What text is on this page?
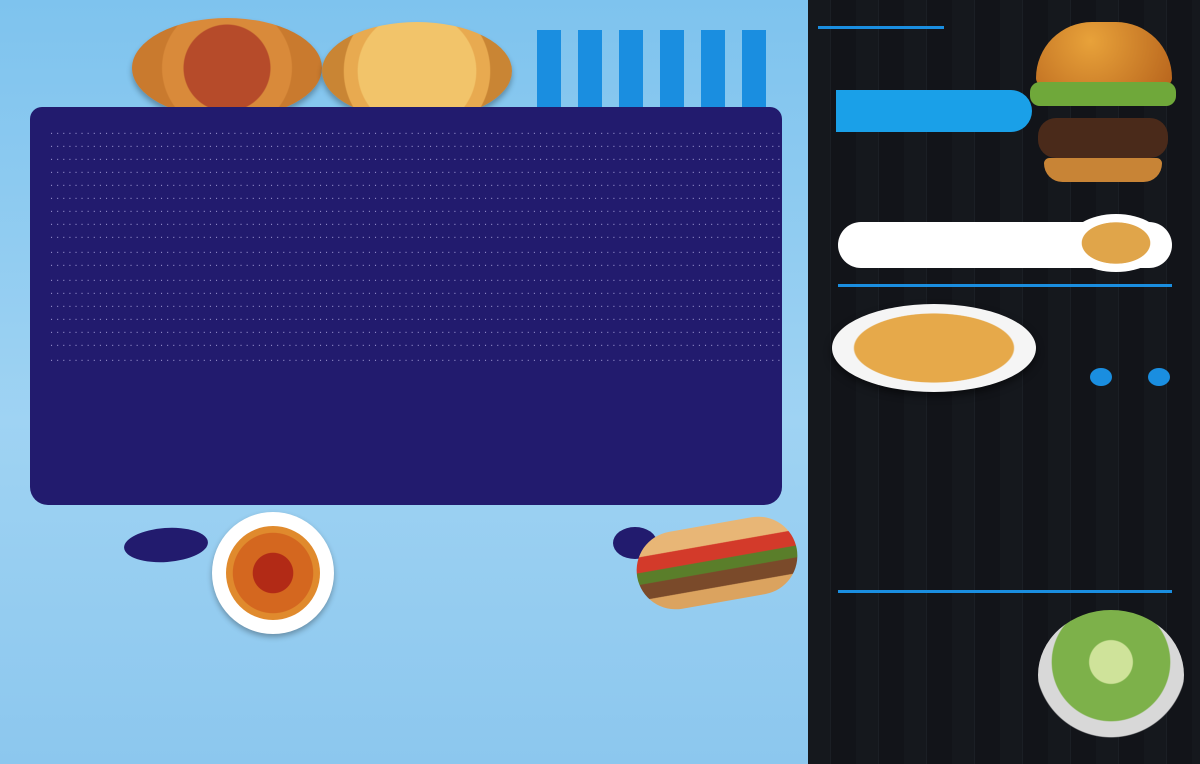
. . . . . . . . . . . . . . . . . . . . . . . . . . . . . . . . . . . . . . . . . . . . . . . . . . . . . . . . . . . . . . . . . . . . . . . . . . . . . . . . . . . . . . . . . . . . . . . . . . . . . . . . . . . . . . . . . . . . . . . .
. . . . . . . . . . . . . . . . . . . . . . . . . . . . . . . . . . . . . . . . . . . . . . . . . . . . . . . . . . . . . . . . . . . . . . . . . . . . . . . . . . . . . . . . . . . . . . . . . . . . . . . . . . . . . . . . . . . . . . . .
. . . . . . . . . . . . . . . . . . . . . . . . . . . . . . . . . . . . . . . . . . . . . . . . . . . . . . . . . . . . . . . . . . . . . . . . . . . . . . . . . . . . . . . . . . . . . . . . . . . . . . . . . . . . . . . . . . . . . . . .
. . . . . . . . . . . . . . . . . . . . . . . . . . . . . . . . . . . . . . . . . . . . . . . . . . . . . . . . . . . . . . . . . . . . . . . . . . . . . . . . . . . . . . . . . . . . . . . . . . . . . . . . . . . . . . . . . . . . . . . .
. . . . . . . . . . . . . . . . . . . . . . . . . . . . . . . . . . . . . . . . . . . . . . . . . . . . . . . . . . . . . . . . . . . . . . . . . . . . . . . . . . . . . . . . . . . . . . . . . . . . . . . . . . . . . . . . . . . . . . . .
. . . . . . . . . . . . . . . . . . . . . . . . . . . . . . . . . . . . . . . . . . . . . . . . . . . . . . . . . . . . . . . . . . . . . . . . . . . . . . . . . . . . . . . . . . . . . . . . . . . . . . . . . . . . . . . . . . . . . . . .
. . . . . . . . . . . . . . . . . . . . . . . . . . . . . . . . . . . . . . . . . . . . . . . . . . . . . . . . . . . . . . . . . . . . . . . . . . . . . . . . . . . . . . . . . . . . . . . . . . . . . . . . . . . . . . . . . . . . . . . .
. . . . . . . . . . . . . . . . . . . . . . . . . . . . . . . . . . . . . . . . . . . . . . . . . . . . . . . . . . . . . . . . . . . . . . . . . . . . . . . . . . . . . . . . . . . . . . . . . . . . . . . . . . . . . . . . . . . . . . . .
. . . . . . . . . . . . . . . . . . . . . . . . . . . . . . . . . . . . . . . . . . . . . . . . . . . . . . . . . . . . . . . . . . . . . . . . . . . . . . . . . . . . . . . . . . . . . . . . . . . . . . . . . . . . . . . . . . . . . . . .
. . . . . . . . . . . . . . . . . . . . . . . . . . . . . . . . . . . . . . . . . . . . . . . . . . . . . . . . . . . . . . . . . . . . . . . . . . . . . . . . . . . . . . . . . . . . . . . . . . . . . . . . . . . . . . . . . . . . . . . .
. . . . . . . . . . . . . . . . . . . . . . . . . . . . . . . . . . . . . . . . . . . . . . . . . . . . . . . . . . . . . . . . . . . . . . . . . . . . . . . . . . . . . . . . . . . . . . . . . . . . . . . . . . . . . . . . . . . . . . . .
. . . . . . . . . . . . . . . . . . . . . . . . . . . . . . . . . . . . . . . . . . . . . . . . . . . . . . . . . . . . . . . . . . . . . . . . . . . . . . . . . . . . . . . . . . . . . . . . . . . . . . . . . . . . . . . . . . . . . . . .
. . . . . . . . . . . . . . . . . . . . . . . . . . . . . . . . . . . . . . . . . . . . . . . . . . . . . . . . . . . . . . . . . . . . . . . . . . . . . . . . . . . . . . . . . . . . . . . . . . . . . . . . . . . . . . . . . . . . . . . .
. . . . . . . . . . . . . . . . . . . . . . . . . . . . . . . . . . . . . . . . . . . . . . . . . . . . . . . . . . . . . . . . . . . . . . . . . . . . . . . . . . . . . . . . . . . . . . . . . . . . . . . . . . . . . . . . . . . . . . . .
. . . . . . . . . . . . . . . . . . . . . . . . . . . . . . . . . . . . . . . . . . . . . . . . . . . . . . . . . . . . . . . . . . . . . . . . . . . . . . . . . . . . . . . . . . . . . . . . . . . . . . . . . . . . . . . . . . . . . . . .
. . . . . . . . . . . . . . . . . . . . . . . . . . . . . . . . . . . . . . . . . . . . . . . . . . . . . . . . . . . . . . . . . . . . . . . . . . . . . . . . . . . . . . . . . . . . . . . . . . . . . . . . . . . . . . . . . . . . . . . .
. . . . . . . . . . . . . . . . . . . . . . . . . . . . . . . . . . . . . . . . . . . . . . . . . . . . . . . . . . . . . . . . . . . . . . . . . . . . . . . . . . . . . . . . . . . . . . . . . . . . . . . . . . . . . . . . . . . . . . . .
. . . . . . . . . . . . . . . . . . . . . . . . . . . . . . . . . . . . . . . . . . . . . . . . . . . . . . . . . . . . . . . . . . . . . . . . . . . . . . . . . . . . . . . . . . . . . . . . . . . . . . . . . . . . . . . . . . . . . . . .
